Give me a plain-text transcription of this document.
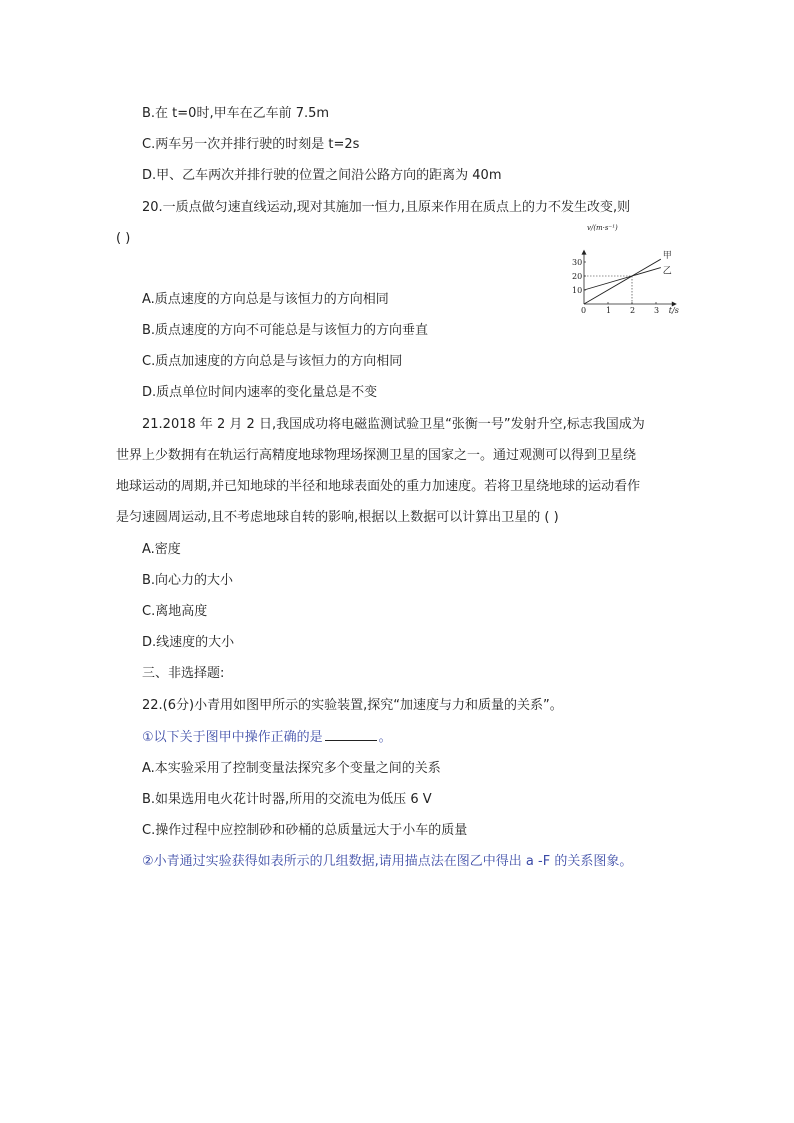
B.在 t=0时,甲车在乙车前 7.5m
C.两车另一次并排行驶的时刻是 t=2s
D.甲、乙车两次并排行驶的位置之间沿公路方向的距离为 40m
20.一质点做匀速直线运动,现对其施加一恒力,且原来作用在质点上的力不发生改变,则
( )
A.质点速度的方向总是与该恒力的方向相同
B.质点速度的方向不可能总是与该恒力的方向垂直
C.质点加速度的方向总是与该恒力的方向相同
D.质点单位时间内速率的变化量总是不变
0 1 2 3
10
20
30
甲
乙
v/(m·s⁻¹)
t/s
21.2018 年 2 月 2 日,我国成功将电磁监测试验卫星“张衡一号”发射升空,标志我国成为
世界上少数拥有在轨运行高精度地球物理场探测卫星的国家之一。通过观测可以得到卫星绕
地球运动的周期,并已知地球的半径和地球表面处的重力加速度。若将卫星绕地球的运动看作
是匀速圆周运动,且不考虑地球自转的影响,根据以上数据可以计算出卫星的 ( )
A.密度
B.向心力的大小
C.离地高度
D.线速度的大小
三、非选择题:
22.(6分)小青用如图甲所示的实验装置,探究“加速度与力和质量的关系”。
①以下关于图甲中操作正确的是	。
A.本实验采用了控制变量法探究多个变量之间的关系
B.如果选用电火花计时器,所用的交流电为低压 6 V
C.操作过程中应控制砂和砂桶的总质量远大于小车的质量
②小青通过实验获得如表所示的几组数据,请用描点法在图乙中得出 a -F 的关系图象。
